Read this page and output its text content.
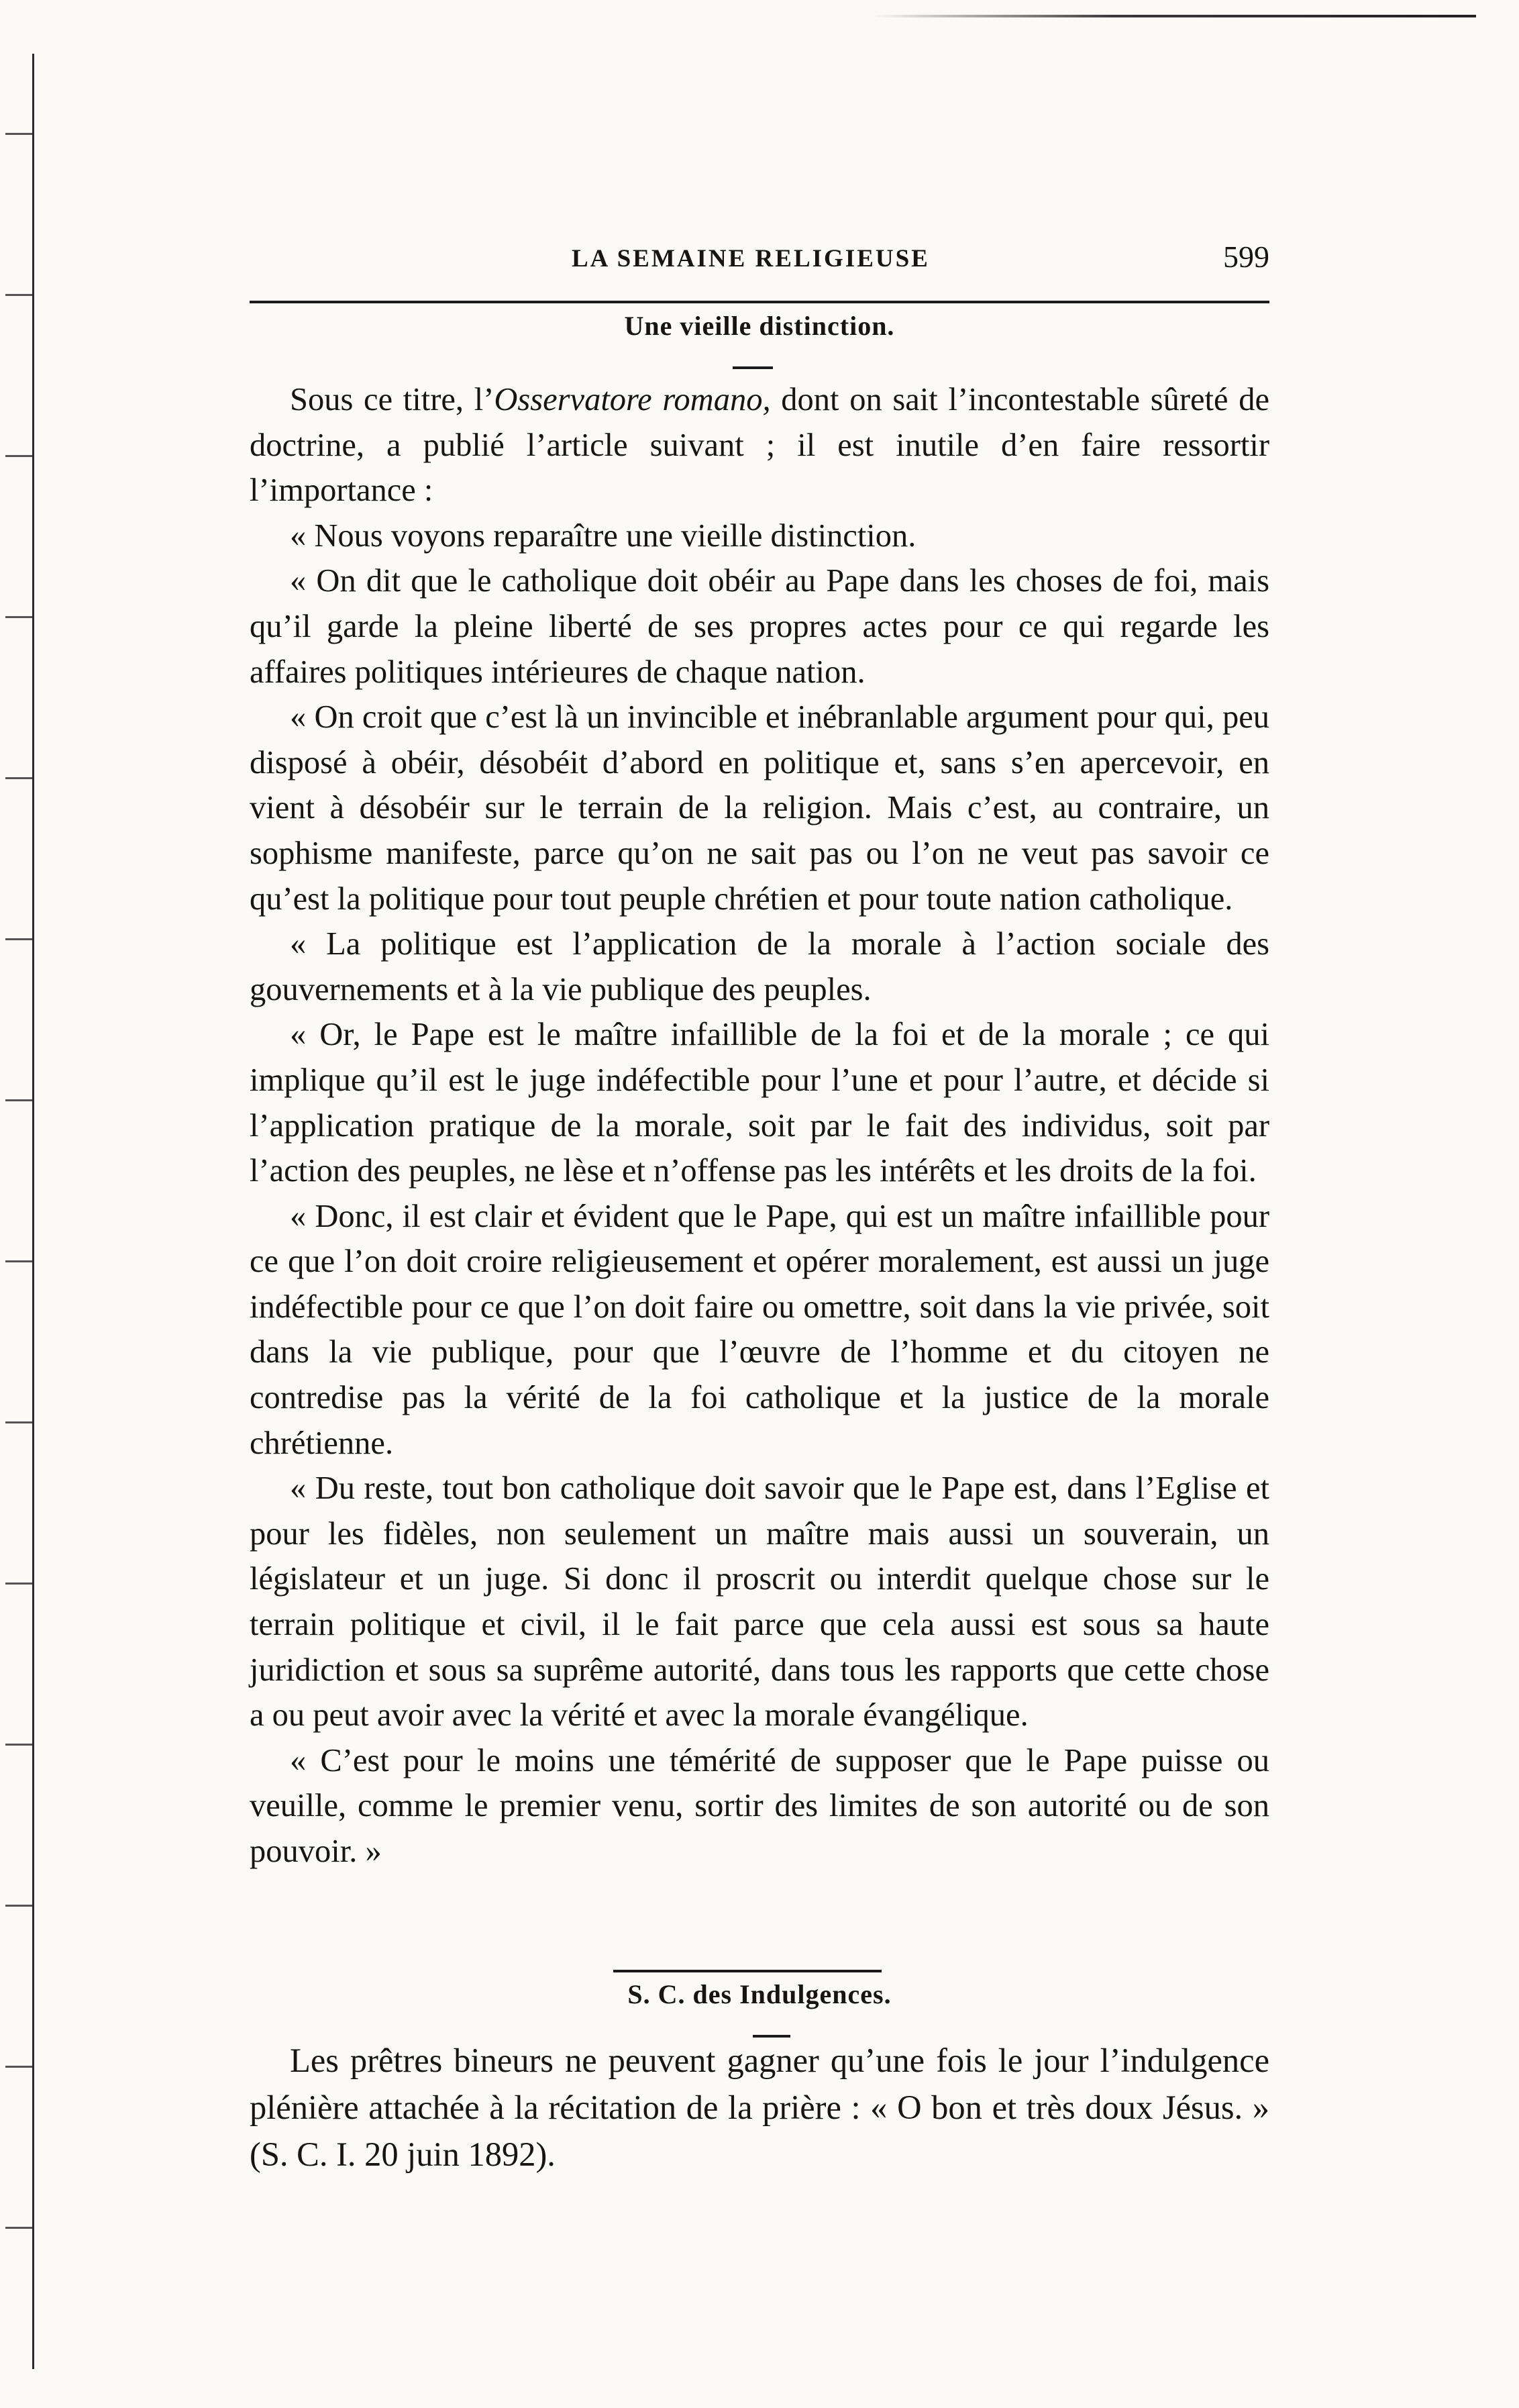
LA SEMAINE RELIGIEUSE	599
Une vieille distinction.

Sous ce titre, l’Osservatore romano, dont on sait l’incontestable sûreté de doctrine, a publié l’article suivant ; il est inutile d’en faire ressortir l’importance :

« Nous voyons reparaître une vieille distinction.

« On dit que le catholique doit obéir au Pape dans les choses de foi, mais qu’il garde la pleine liberté de ses propres actes pour ce qui regarde les affaires politiques intérieures de chaque nation.

« On croit que c’est là un invincible et inébranlable argument pour qui, peu disposé à obéir, désobéit d’abord en politique et, sans s’en apercevoir, en vient à désobéir sur le terrain de la religion. Mais c’est, au contraire, un sophisme manifeste, parce qu’on ne sait pas ou l’on ne veut pas savoir ce qu’est la politique pour tout peuple chrétien et pour toute nation catholique.

« La politique est l’application de la morale à l’action sociale des gouvernements et à la vie publique des peuples.

« Or, le Pape est le maître infaillible de la foi et de la morale ; ce qui implique qu’il est le juge indéfectible pour l’une et pour l’autre, et décide si l’application pratique de la morale, soit par le fait des individus, soit par l’action des peuples, ne lèse et n’offense pas les intérêts et les droits de la foi.

« Donc, il est clair et évident que le Pape, qui est un maître infaillible pour ce que l’on doit croire religieusement et opérer moralement, est aussi un juge indéfectible pour ce que l’on doit faire ou omettre, soit dans la vie privée, soit dans la vie publique, pour que l’œuvre de l’homme et du citoyen ne contredise pas la vérité de la foi catholique et la justice de la morale chrétienne.

« Du reste, tout bon catholique doit savoir que le Pape est, dans l’Eglise et pour les fidèles, non seulement un maître mais aussi un souverain, un législateur et un juge. Si donc il proscrit ou interdit quelque chose sur le terrain politique et civil, il le fait parce que cela aussi est sous sa haute juridiction et sous sa suprême autorité, dans tous les rapports que cette chose a ou peut avoir avec la vérité et avec la morale évangélique.

« C’est pour le moins une témérité de supposer que le Pape puisse ou veuille, comme le premier venu, sortir des limites de son autorité ou de son pouvoir. »

S. C. des Indulgences.

Les prêtres bineurs ne peuvent gagner qu’une fois le jour l’indulgence plénière attachée à la récitation de la prière : « O bon et très doux Jésus. » (S. C. I. 20 juin 1892).
